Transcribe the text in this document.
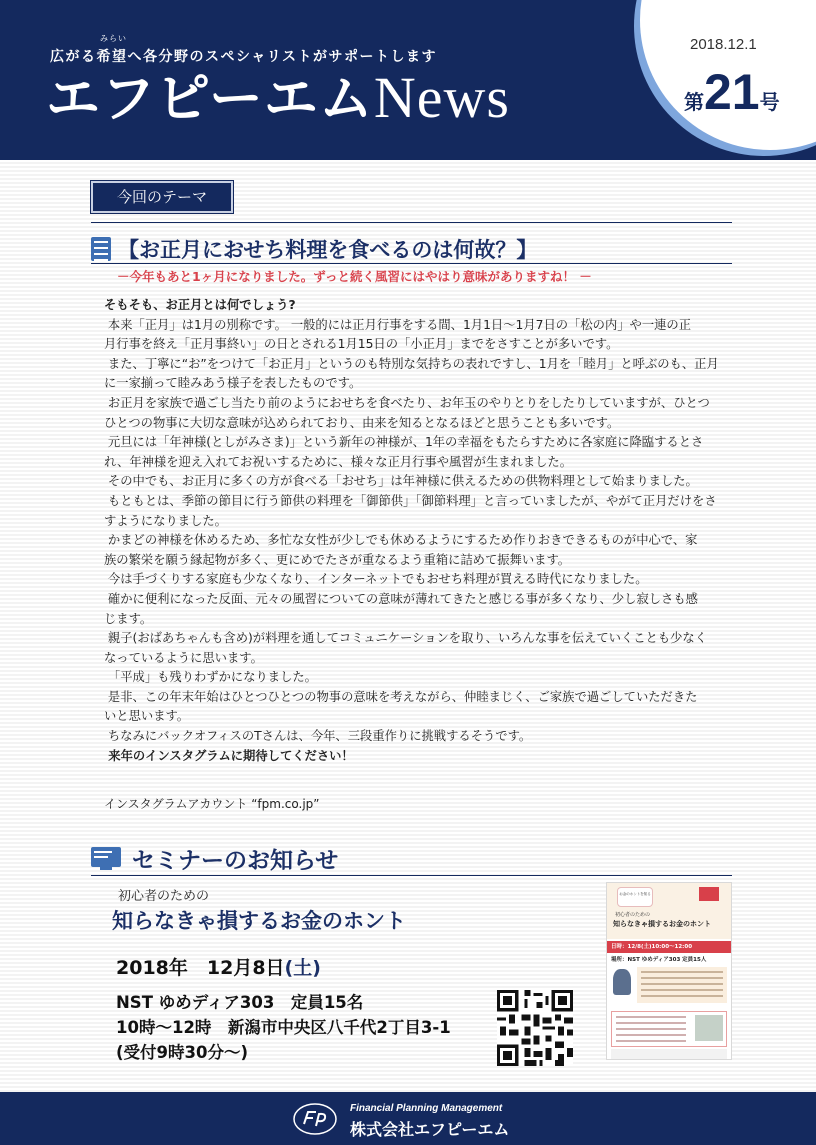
みらい
広がる希望へ各分野のスペシャリストがサポートします
エフピーエムNews
2018.12.1
第21号
今回のテーマ
【お正月におせち料理を食べるのは何故？】
－今年もあと1ヶ月になりました。ずっと続く風習にはやはり意味がありますね！ －

そもそも、お正月とは何でしょう?

本来「正月」は1月の別称です。 一般的には正月行事をする間、1月1日～1月7日の「松の内」や一連の正

月行事を終え「正月事終い」の日とされる1月15日の「小正月」までをさすことが多いです。

また、丁寧に“お”をつけて「お正月」というのも特別な気持ちの表れですし、1月を「睦月」と呼ぶのも、正月

に一家揃って睦みあう様子を表したものです。

お正月を家族で過ごし当たり前のようにおせちを食べたり、お年玉のやりとりをしたりしていますが、ひとつ

ひとつの物事に大切な意味が込められており、由来を知るとなるほどと思うことも多いです。

元旦には「年神様(としがみさま)」という新年の神様が、1年の幸福をもたらすために各家庭に降臨するとさ

れ、年神様を迎え入れてお祝いするために、様々な正月行事や風習が生まれました。

その中でも、お正月に多くの方が食べる「おせち」は年神様に供えるための供物料理として始まりました。

もともとは、季節の節目に行う節供の料理を「御節供」「御節料理」と言っていましたが、やがて正月だけをさ

すようになりました。

かまどの神様を休めるため、多忙な女性が少しでも休めるようにするため作りおきできるものが中心で、家

族の繁栄を願う縁起物が多く、更にめでたさが重なるよう重箱に詰めて振舞います。

今は手づくりする家庭も少なくなり、インターネットでもおせち料理が買える時代になりました。

確かに便利になった反面、元々の風習についての意味が薄れてきたと感じる事が多くなり、少し寂しさも感

じます。

親子(おばあちゃんも含め)が料理を通してコミュニケーションを取り、いろんな事を伝えていくことも少なく

なっているように思います。

「平成」も残りわずかになりました。

是非、この年末年始はひとつひとつの物事の意味を考えながら、仲睦まじく、ご家族で過ごしていただきた

いと思います。

ちなみにバックオフィスのTさんは、今年、三段重作りに挑戦するそうです。

来年のインスタグラムに期待してください！

インスタグラムアカウント “fpm.co.jp”
セミナーのお知らせ
初心者のための
知らなきゃ損するお金のホント
2018年　12月8日(土)
NST ゆめディア303　定員15名
10時～12時　新潟市中央区八千代2丁目3-1
(受付9時30分～)
お金のホントを知る
初心者のための
知らなきゃ損するお金のホント
日時：12/8(土)10:00～12:00
場所：NST ゆめディア303 定員15人
Financial Planning Management
株式会社エフピーエム
